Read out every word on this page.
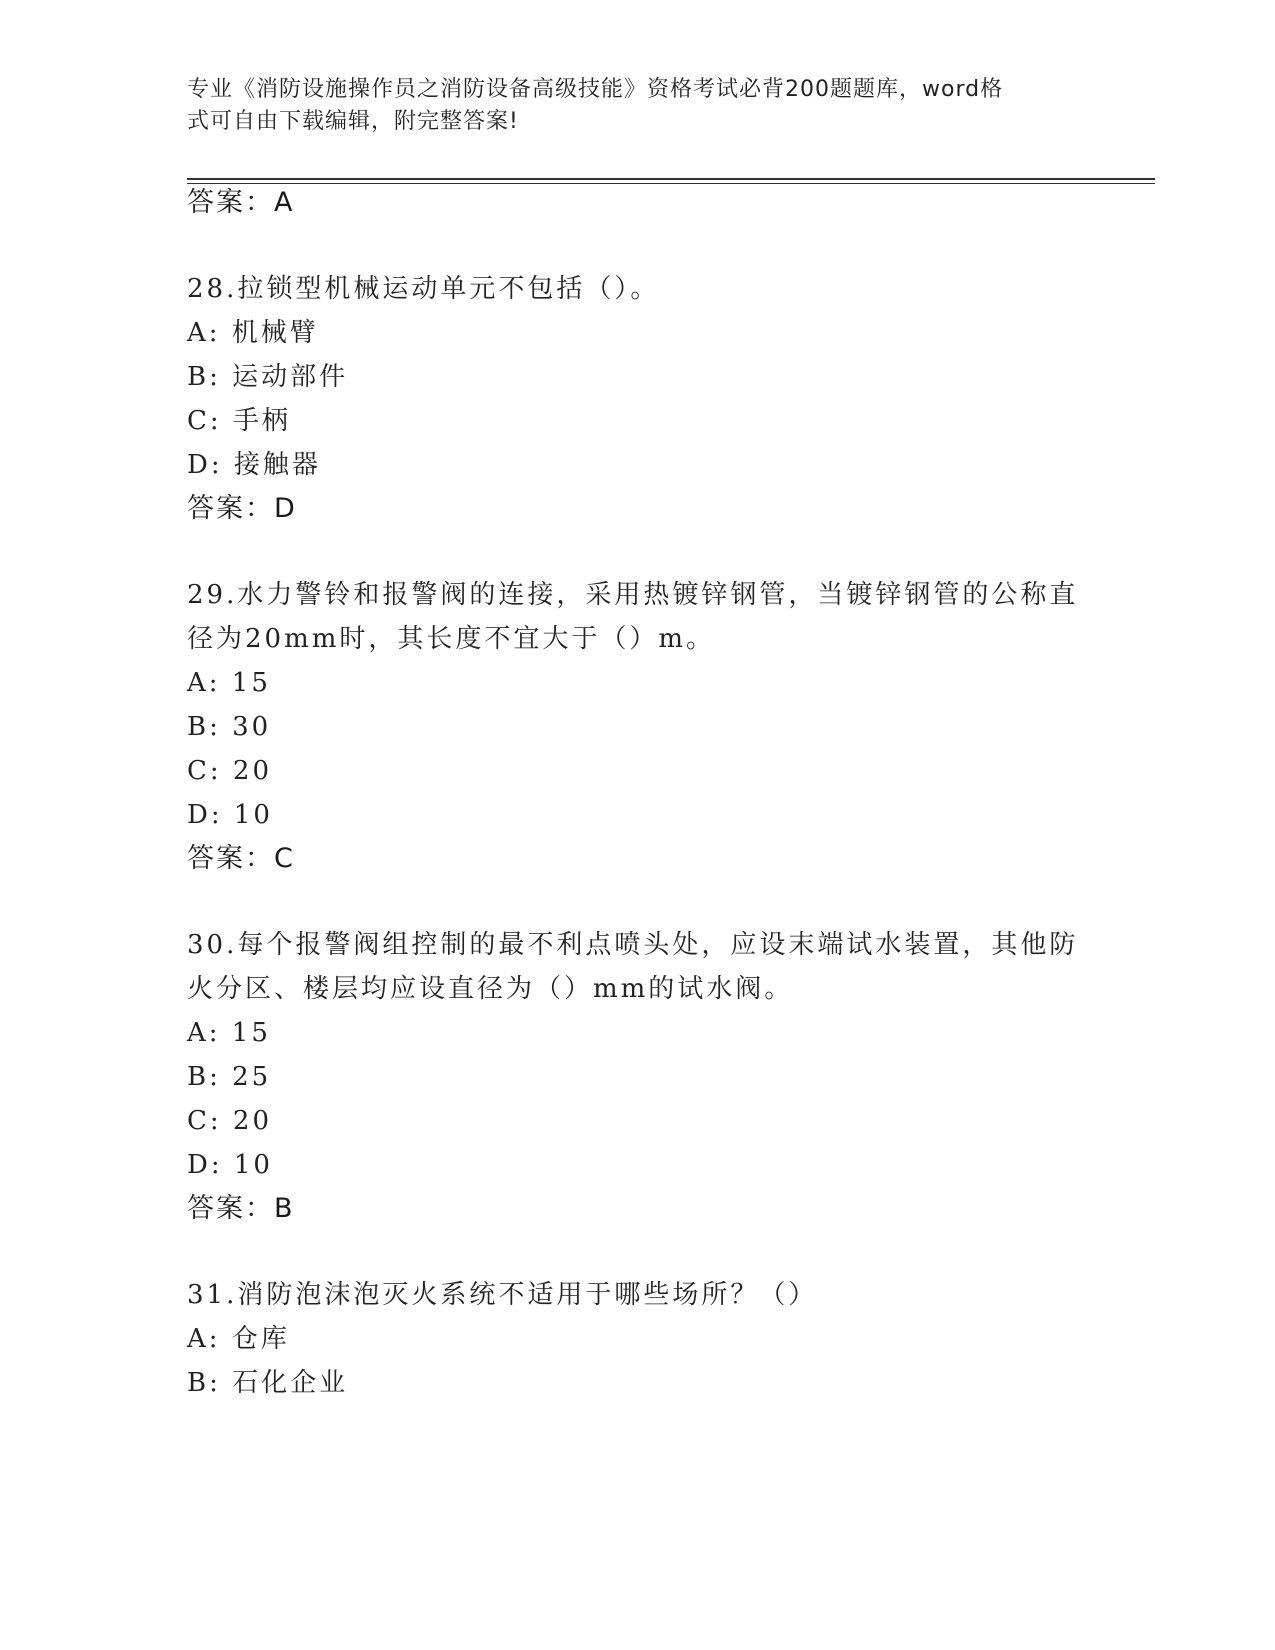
专业《消防设施操作员之消防设备高级技能》资格考试必背200题题库，word格
式可自由下载编辑，附完整答案!
答案：A
28.拉锁型机械运动单元不包括（）。
A: 机械臂
B: 运动部件
C: 手柄
D: 接触器
答案：D
29.水力警铃和报警阀的连接，采用热镀锌钢管，当镀锌钢管的公称直
径为20mm时，其长度不宜大于（）m。
A: 15
B: 30
C: 20
D: 10
答案：C
30.每个报警阀组控制的最不利点喷头处，应设末端试水装置，其他防
火分区、楼层均应设直径为（）mm的试水阀。
A: 15
B: 25
C: 20
D: 10
答案：B
31.消防泡沫泡灭火系统不适用于哪些场所？（）
A: 仓库
B: 石化企业
